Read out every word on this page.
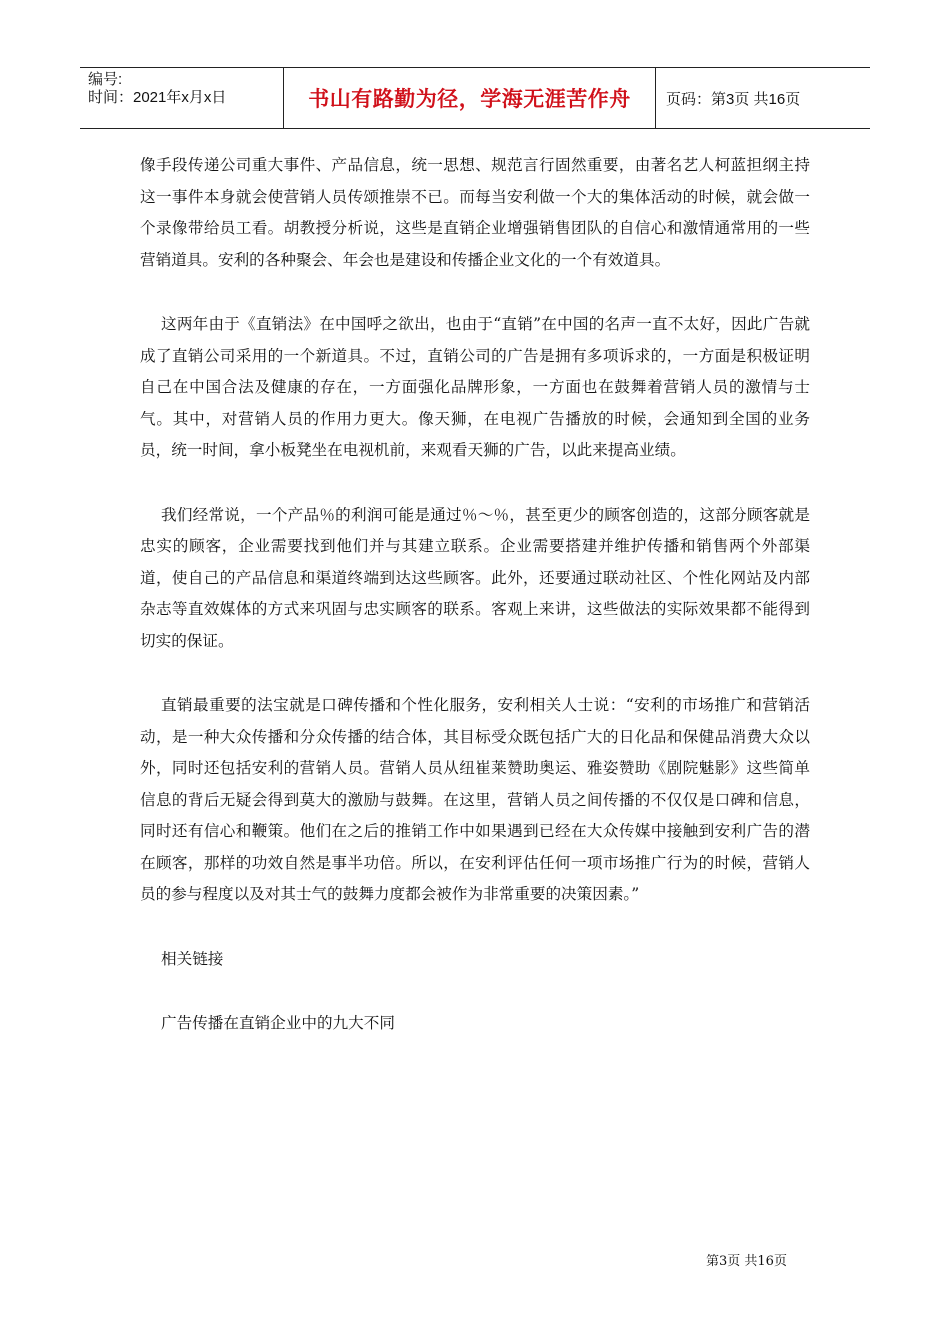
编号:
时间：2021年x月x日	书山有路勤为径，学海无涯苦作舟 页码：第3页 共16页

像手段传递公司重大事件、产品信息，统一思想、规范言行固然重要，由著名艺人柯蓝担纲主持这一事件本身就会使营销人员传颂推崇不已。而每当安利做一个大的集体活动的时候，就会做一个录像带给员工看。胡教授分析说，这些是直销企业增强销售团队的自信心和激情通常用的一些营销道具。安利的各种聚会、年会也是建设和传播企业文化的一个有效道具。

这两年由于《直销法》在中国呼之欲出，也由于“直销”在中国的名声一直不太好，因此广告就成了直销公司采用的一个新道具。不过，直销公司的广告是拥有多项诉求的，一方面是积极证明自己在中国合法及健康的存在，一方面强化品牌形象，一方面也在鼓舞着营销人员的激情与士气。其中，对营销人员的作用力更大。像天狮，在电视广告播放的时候，会通知到全国的业务员，统一时间，拿小板凳坐在电视机前，来观看天狮的广告，以此来提高业绩。

我们经常说，一个产品％的利润可能是通过％～％，甚至更少的顾客创造的，这部分顾客就是忠实的顾客，企业需要找到他们并与其建立联系。企业需要搭建并维护传播和销售两个外部渠道，使自己的产品信息和渠道终端到达这些顾客。此外，还要通过联动社区、个性化网站及内部杂志等直效媒体的方式来巩固与忠实顾客的联系。客观上来讲，这些做法的实际效果都不能得到切实的保证。

直销最重要的法宝就是口碑传播和个性化服务，安利相关人士说：“安利的市场推广和营销活动，是一种大众传播和分众传播的结合体，其目标受众既包括广大的日化品和保健品消费大众以外，同时还包括安利的营销人员。营销人员从纽崔莱赞助奥运、雅姿赞助《剧院魅影》这些简单信息的背后无疑会得到莫大的激励与鼓舞。在这里，营销人员之间传播的不仅仅是口碑和信息，同时还有信心和鞭策。他们在之后的推销工作中如果遇到已经在大众传媒中接触到安利广告的潜在顾客，那样的功效自然是事半功倍。所以，在安利评估任何一项市场推广行为的时候，营销人员的参与程度以及对其士气的鼓舞力度都会被作为非常重要的决策因素。”

相关链接

广告传播在直销企业中的九大不同

第3页 共16页
